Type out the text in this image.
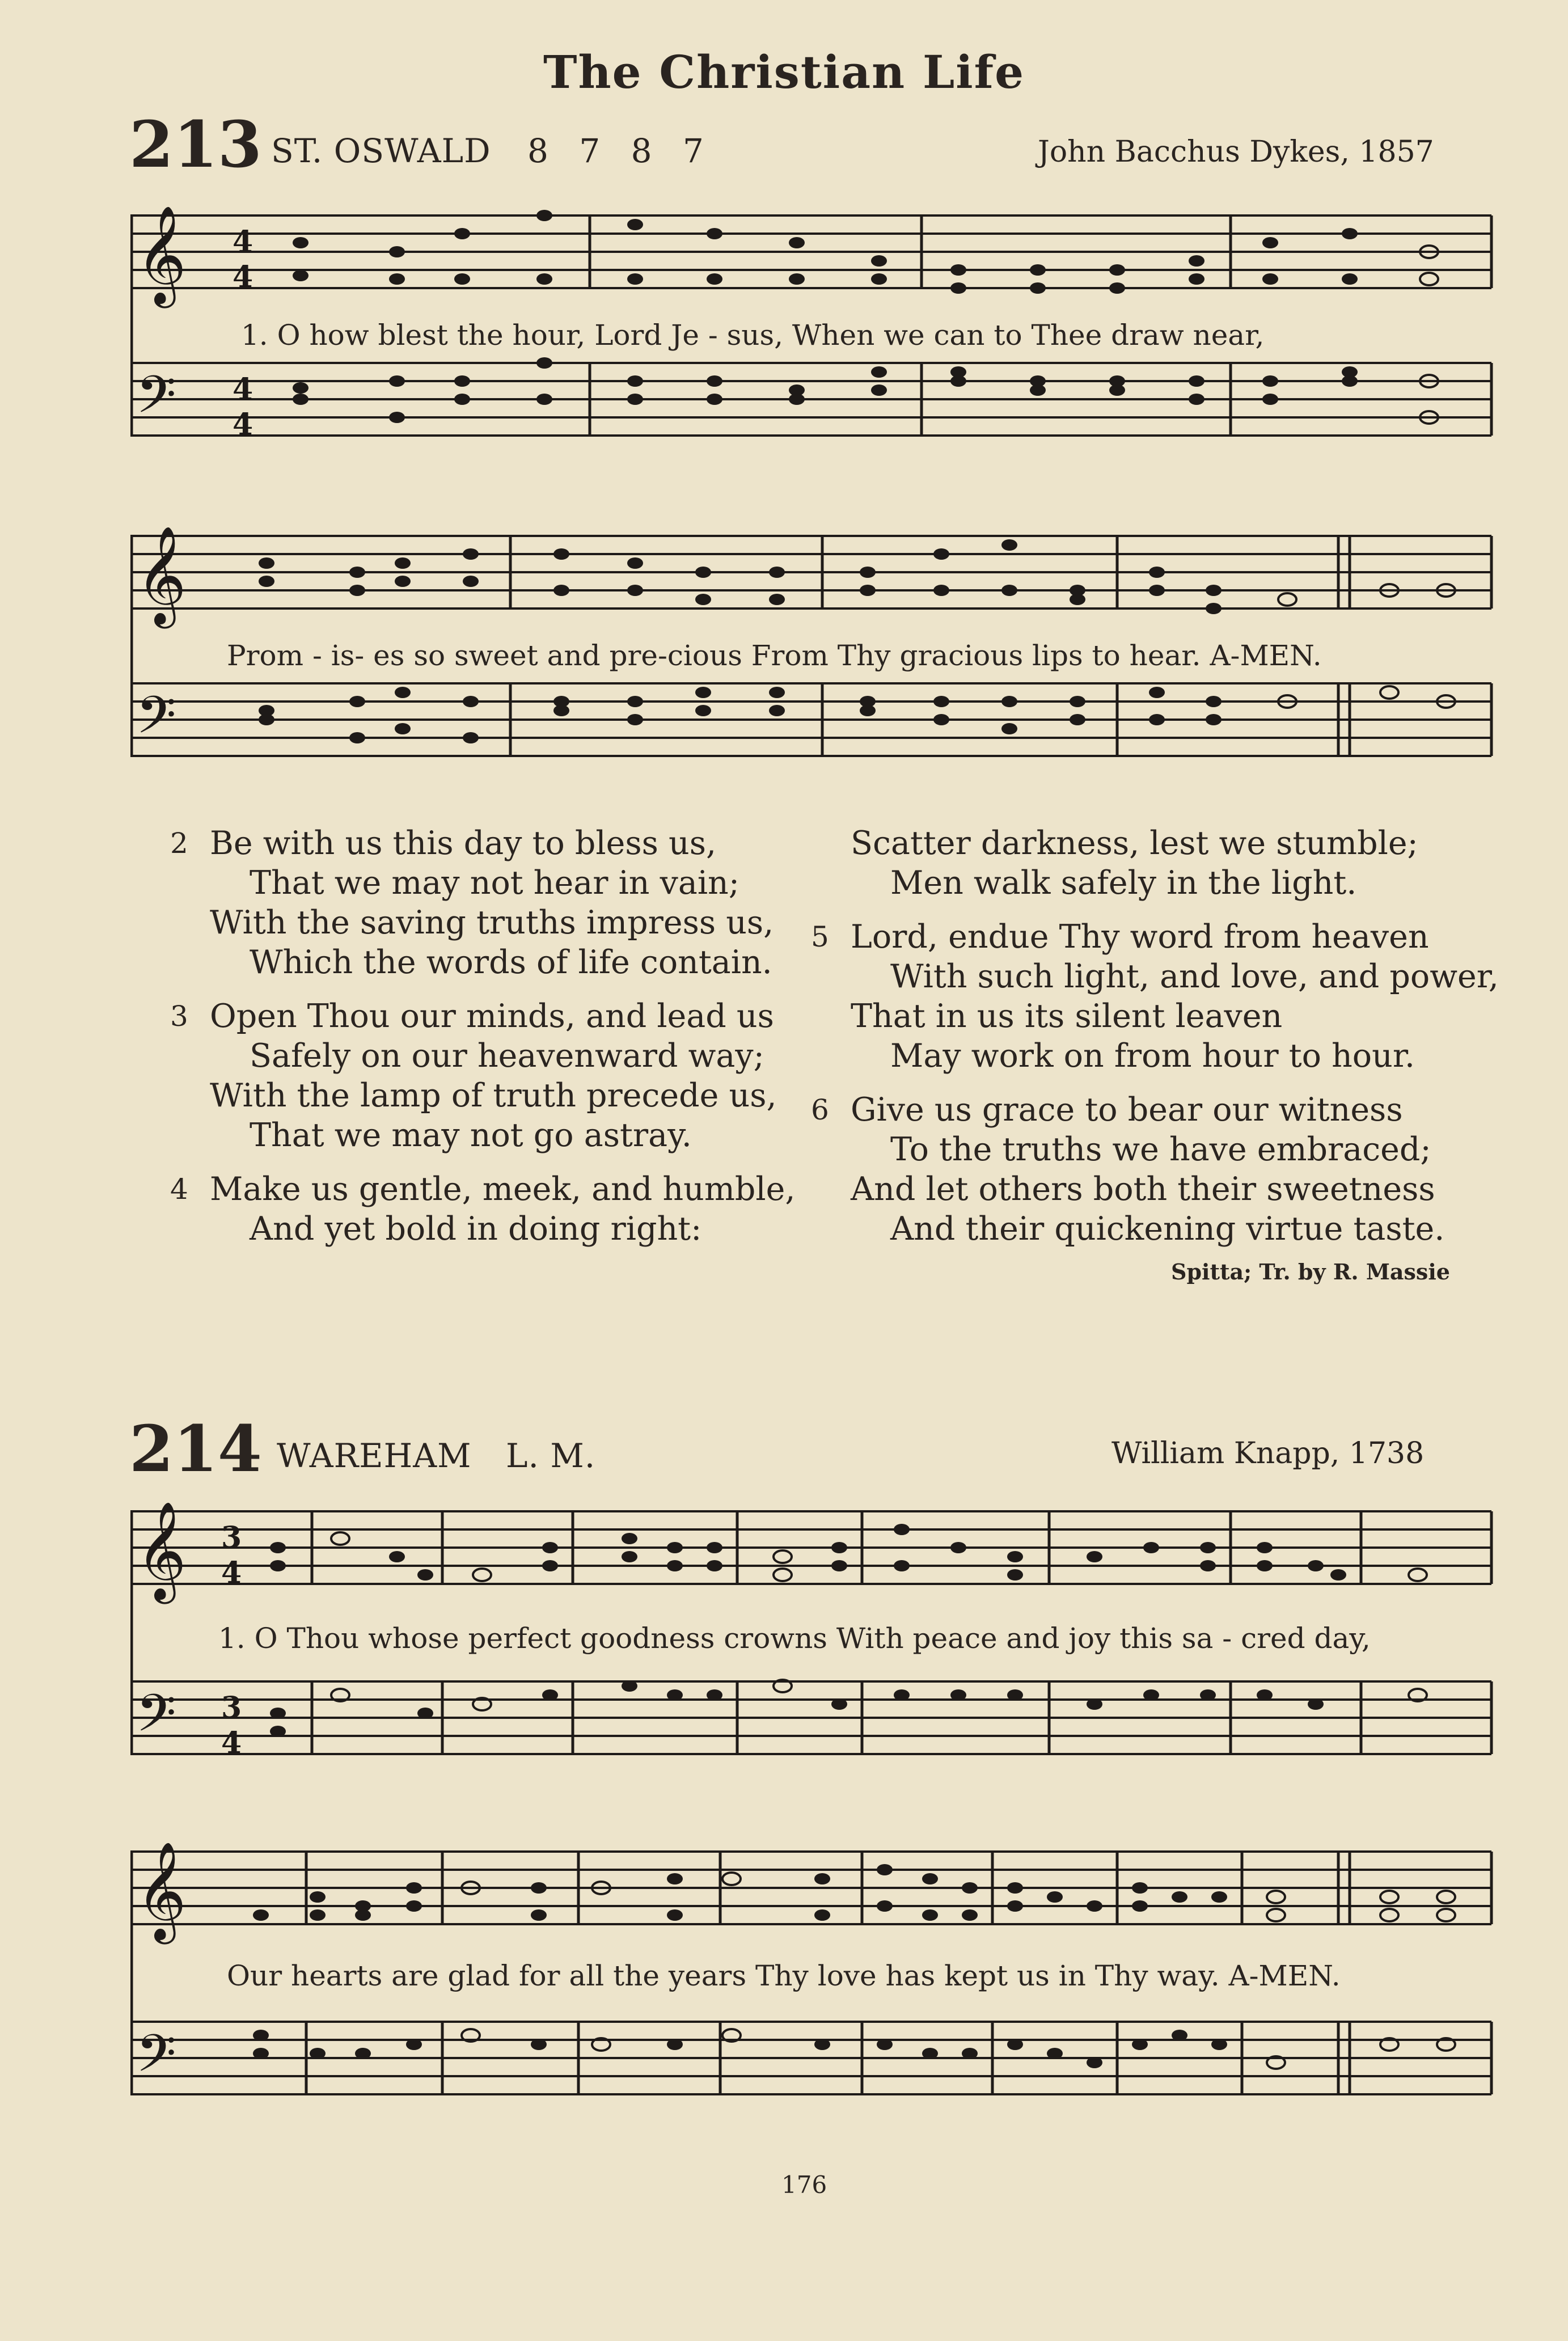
The Christian Life
213 ST. OSWALD 8 7 8 7	John Bacchus Dykes, 1857
𝄞 4
4
𝄢 4
4
1. O how blest the hour, Lord Je - sus, When we can to Thee draw near,
𝄞
𝄢
Prom - is- es so sweet and pre-cious From Thy gracious lips to hear. A-MEN.
2 Be with us this day to bless us,
That we may not hear in vain;
With the saving truths impress us,
Which the words of life contain.
3 Open Thou our minds, and lead us
Safely on our heavenward way;
With the lamp of truth precede us,
That we may not go astray.
4 Make us gentle, meek, and humble,
And yet bold in doing right:
Scatter darkness, lest we stumble;
Men walk safely in the light.
5 Lord, endue Thy word from heaven
With such light, and love, and power,
That in us its silent leaven
May work on from hour to hour.
6 Give us grace to bear our witness
To the truths we have embraced;
And let others both their sweetness
And their quickening virtue taste.
Spitta; Tr. by R. Massie
214 WAREHAM L. M.	William Knapp, 1738
𝄞 3
4
𝄢 3
4
1. O Thou whose perfect goodness crowns With peace and joy this sa - cred day,
𝄞
𝄢
Our hearts are glad for all the years Thy love has kept us in Thy way. A-MEN.
176
